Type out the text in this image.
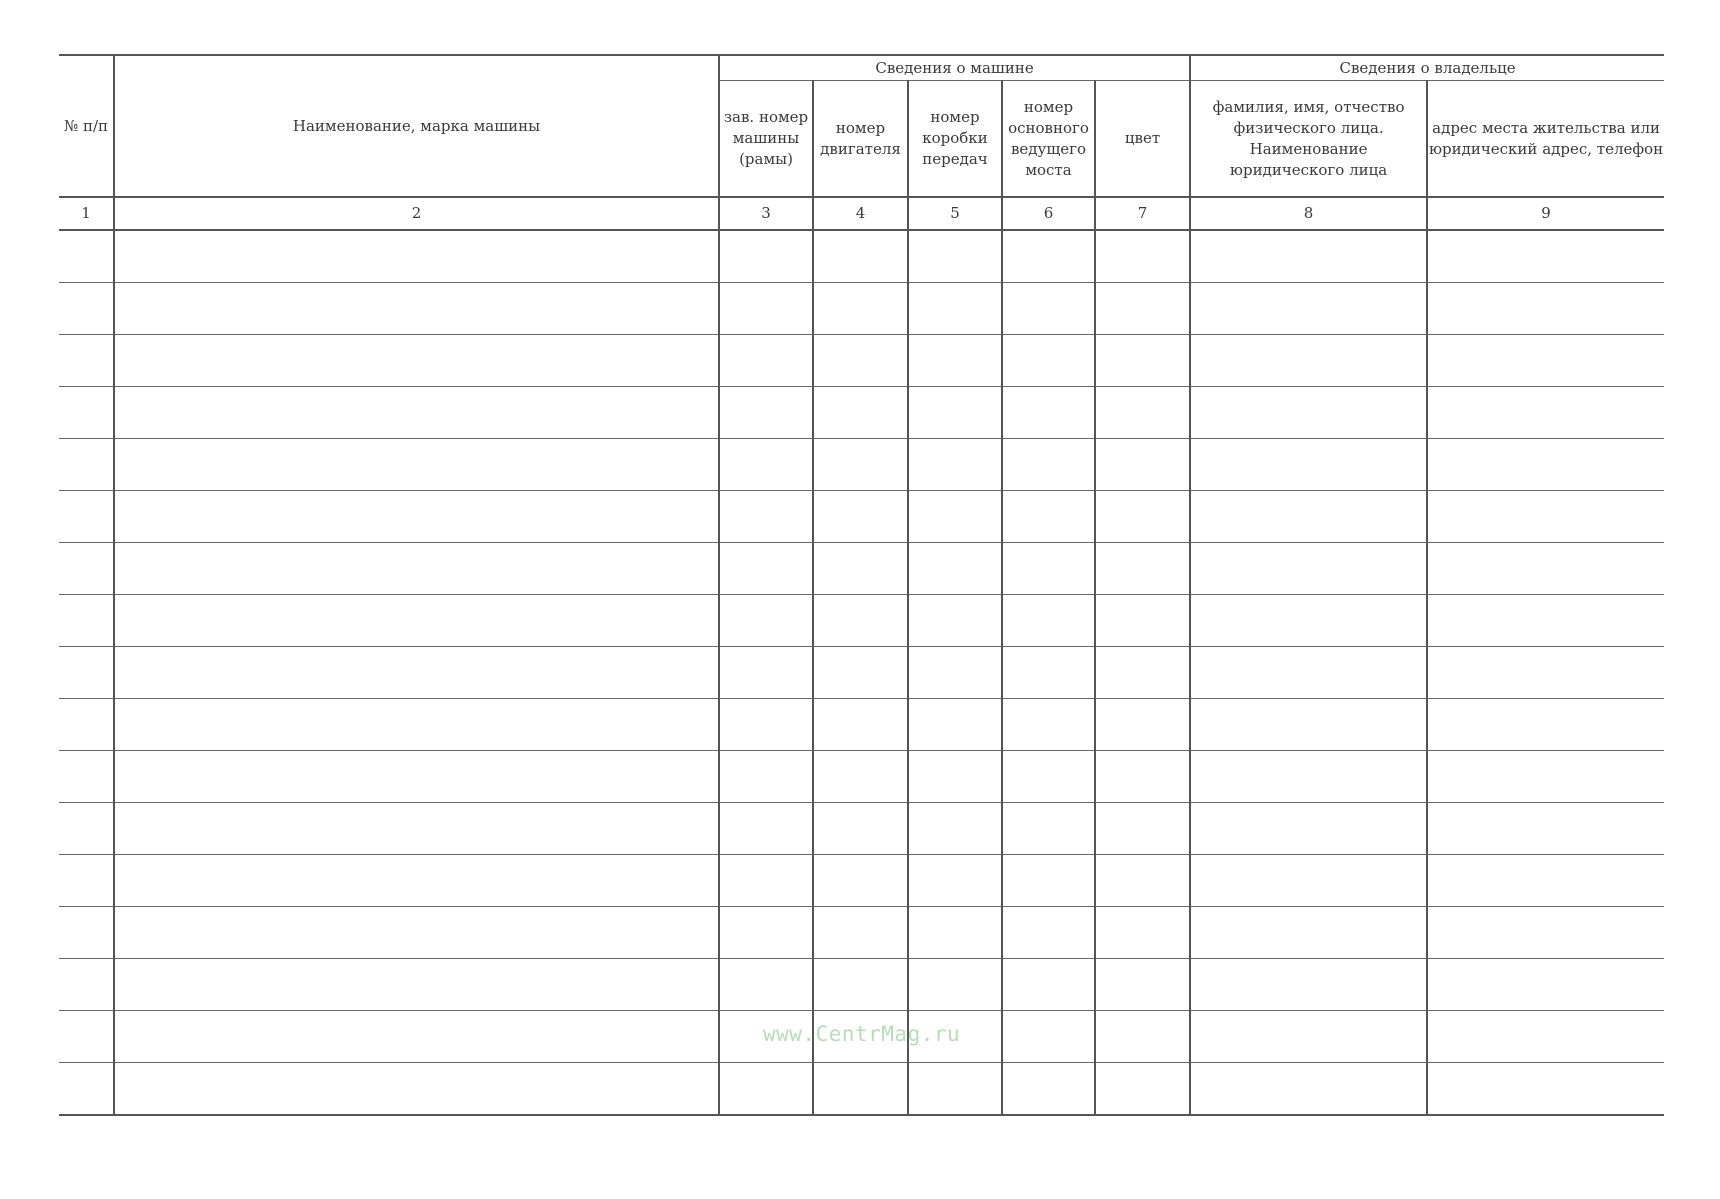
№ п/п	Наименование, марка машины	Сведения о машине					Сведения о владельце	
		зав. номер машины (рамы)	номер двигателя	номер коробки передач	номер основного ведущего моста	цвет	фамилия, имя, отчество физического лица. Наименование юридического лица	адрес места жительства или юридический адрес, телефон
1	2	3	4	5	6	7	8	9

www.CentrMag.ru
